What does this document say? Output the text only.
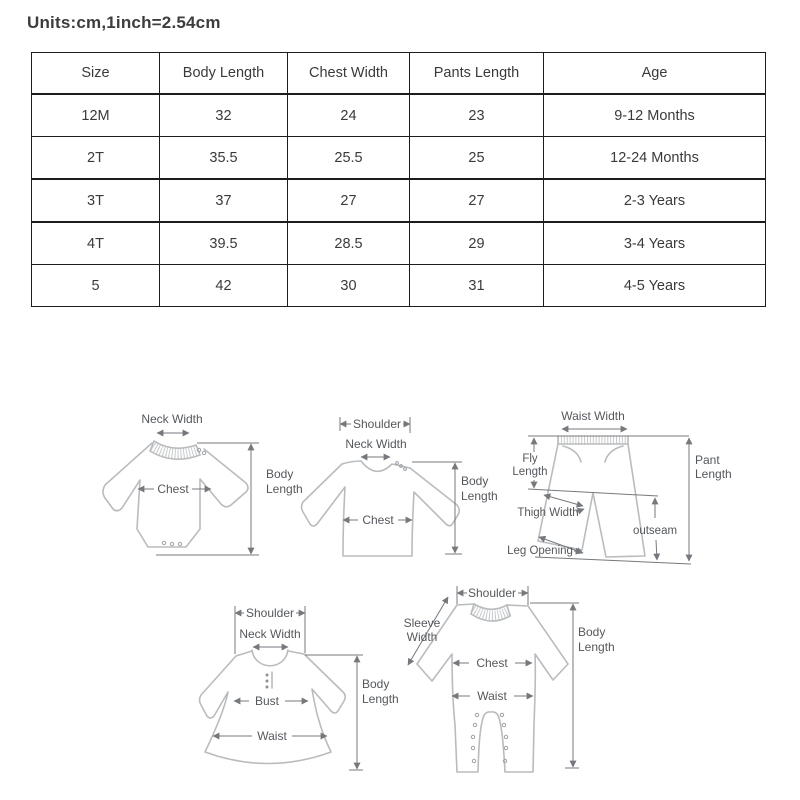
Units:cm,1inch=2.54cm
Size	Body Length	Chest Width	Pants Length	Age
12M	32	24	23	9-12 Months
2T	35.5	25.5	25	12-24 Months
3T	37	27	27	2-3 Years
4T	39.5	28.5	29	3-4 Years
5	42	30	31	4-5 Years
Neck Width
Chest
Body
Length
Shoulder
Neck Width
Chest
Body
Length
Waist Width
Fly
Length
Thigh Width
outseam
Leg Opening
Pant
Length
Shoulder
Neck Width
Bust
Waist
Body
Length
Shoulder
Sleeve
Width
Chest
Waist
Body
Length
